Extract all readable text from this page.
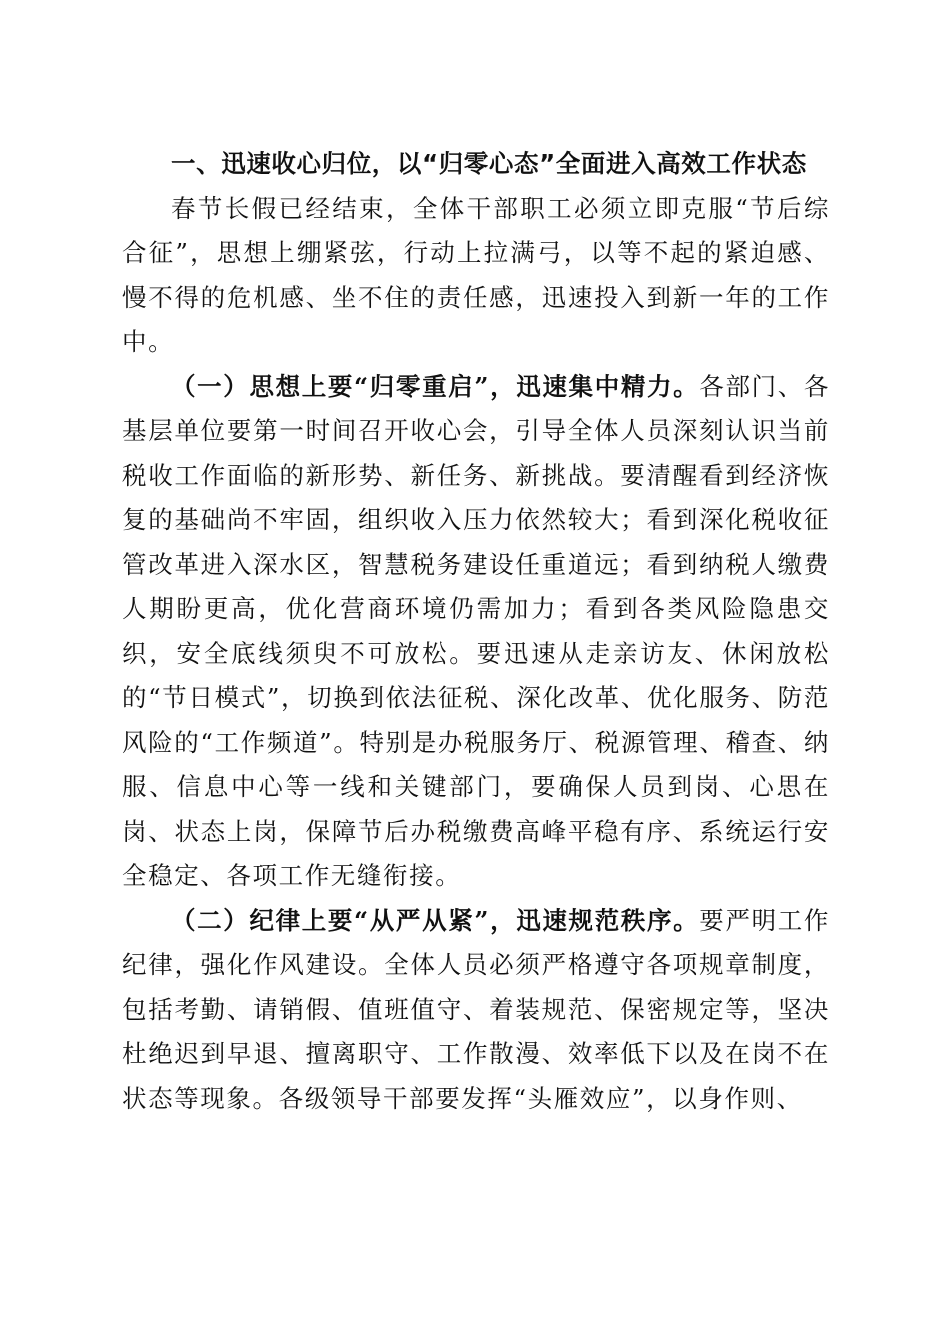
一、迅速收心归位，以“归零心态”全面进入高效工作状态

春节长假已经结束，全体干部职工必须立即克服“节后综合征”，思想上绷紧弦，行动上拉满弓，以等不起的紧迫感、慢不得的危机感、坐不住的责任感，迅速投入到新一年的工作中。

（一）思想上要“归零重启”，迅速集中精力。各部门、各基层单位要第一时间召开收心会，引导全体人员深刻认识当前税收工作面临的新形势、新任务、新挑战。要清醒看到经济恢复的基础尚不牢固，组织收入压力依然较大；看到深化税收征管改革进入深水区，智慧税务建设任重道远；看到纳税人缴费人期盼更高，优化营商环境仍需加力；看到各类风险隐患交织，安全底线须臾不可放松。要迅速从走亲访友、休闲放松的“节日模式”，切换到依法征税、深化改革、优化服务、防范风险的“工作频道”。特别是办税服务厅、税源管理、稽查、纳服、信息中心等一线和关键部门，要确保人员到岗、心思在岗、状态上岗，保障节后办税缴费高峰平稳有序、系统运行安全稳定、各项工作无缝衔接。

（二）纪律上要“从严从紧”，迅速规范秩序。要严明工作纪律，强化作风建设。全体人员必须严格遵守各项规章制度，包括考勤、请销假、值班值守、着装规范、保密规定等，坚决杜绝迟到早退、擅离职守、工作散漫、效率低下以及在岗不在状态等现象。各级领导干部要发挥“头雁效应”，以身作则、
